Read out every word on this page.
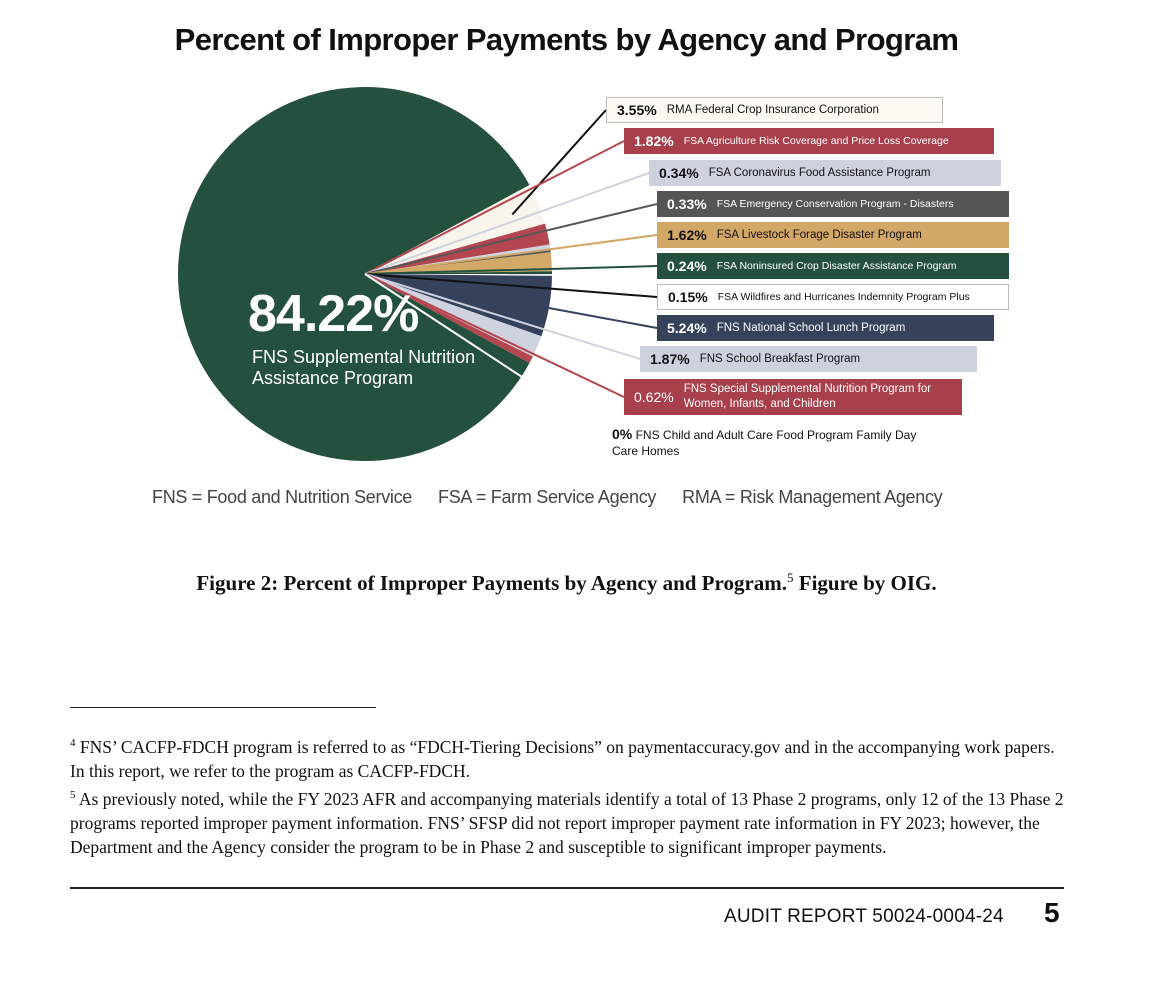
Percent of Improper Payments by Agency and Program
84.22%
FNS Supplemental Nutrition Assistance Program
3.55% RMA Federal Crop Insurance Corporation
1.82% FSA Agriculture Risk Coverage and Price Loss Coverage
0.34% FSA Coronavirus Food Assistance Program
0.33% FSA Emergency Conservation Program - Disasters
1.62% FSA Livestock Forage Disaster Program
0.24% FSA Noninsured Crop Disaster Assistance Program
0.15% FSA Wildfires and Hurricanes Indemnity Program Plus
5.24% FNS National School Lunch Program
1.87% FNS School Breakfast Program
0.62% FNS Special Supplemental Nutrition Program for Women, Infants, and Children
0% FNS Child and Adult Care Food Program Family Day Care Homes
FNS = Food and Nutrition Service FSA = Farm Service Agency RMA = Risk Management Agency
Figure 2: Percent of Improper Payments by Agency and Program.$^5$ Figure by OIG.

$^4$ FNS’ CACFP-FDCH program is referred to as “FDCH-Tiering Decisions” on paymentaccuracy.gov and in the accompanying work papers. In this report, we refer to the program as CACFP-FDCH.

$^5$ As previously noted, while the FY 2023 AFR and accompanying materials identify a total of 13 Phase 2 programs, only 12 of the 13 Phase 2 programs reported improper payment information. FNS’ SFSP did not report improper payment rate information in FY 2023; however, the Department and the Agency consider the program to be in Phase 2 and susceptible to significant improper payments.

AUDIT REPORT 50024-0004-24 5
